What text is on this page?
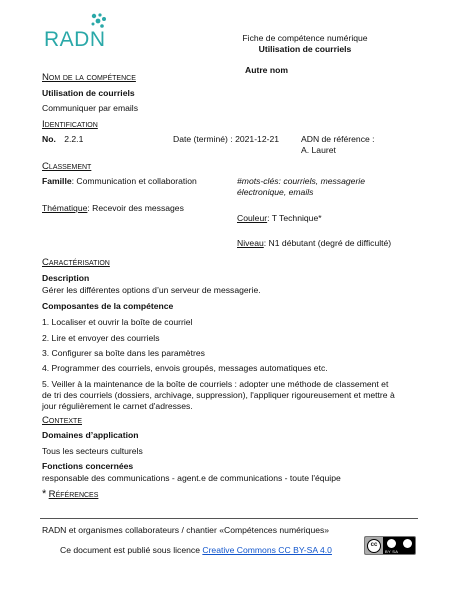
RADN	Fiche de compétence numérique
Utilisation de courriels
Nom de la compétence
Autre nom
Utilisation de courriels
Communiquer par emails
Identification
No. 2.2.1	Date (terminé) : 2021-12-21	ADN de référence :
A. Lauret
Classement
Famille: Communication et collaboration	#mots-clés: courriels, messagerie
électronique, emails
Thématique: Recevoir des messages
Couleur: T Technique*
Niveau: N1 débutant (degré de difficulté)
Caractérisation
Description
Gérer les différentes options d’un serveur de messagerie.
Composantes de la compétence
1. Localiser et ouvrir la boîte de courriel
2. Lire et envoyer des courriels
3. Configurer sa boîte dans les paramètres
4. Programmer des courriels, envois groupés, messages automatiques etc.
5. Veiller à la maintenance de la boîte de courriels : adopter une méthode de classement et
de tri des courriels (dossiers, archivage, suppression), l'appliquer rigoureusement et mettre à
jour régulièrement le carnet d'adresses.
Contexte
Domaines d’application
Tous les secteurs culturels
Fonctions concernées
responsable des communications - agent.e de communications - toute l'équipe
* Références
RADN et organismes collaborateurs / chantier «Compétences numériques»
Ce document est publié sous licence Creative Commons CC BY-SA 4.0	cc
BY SA
